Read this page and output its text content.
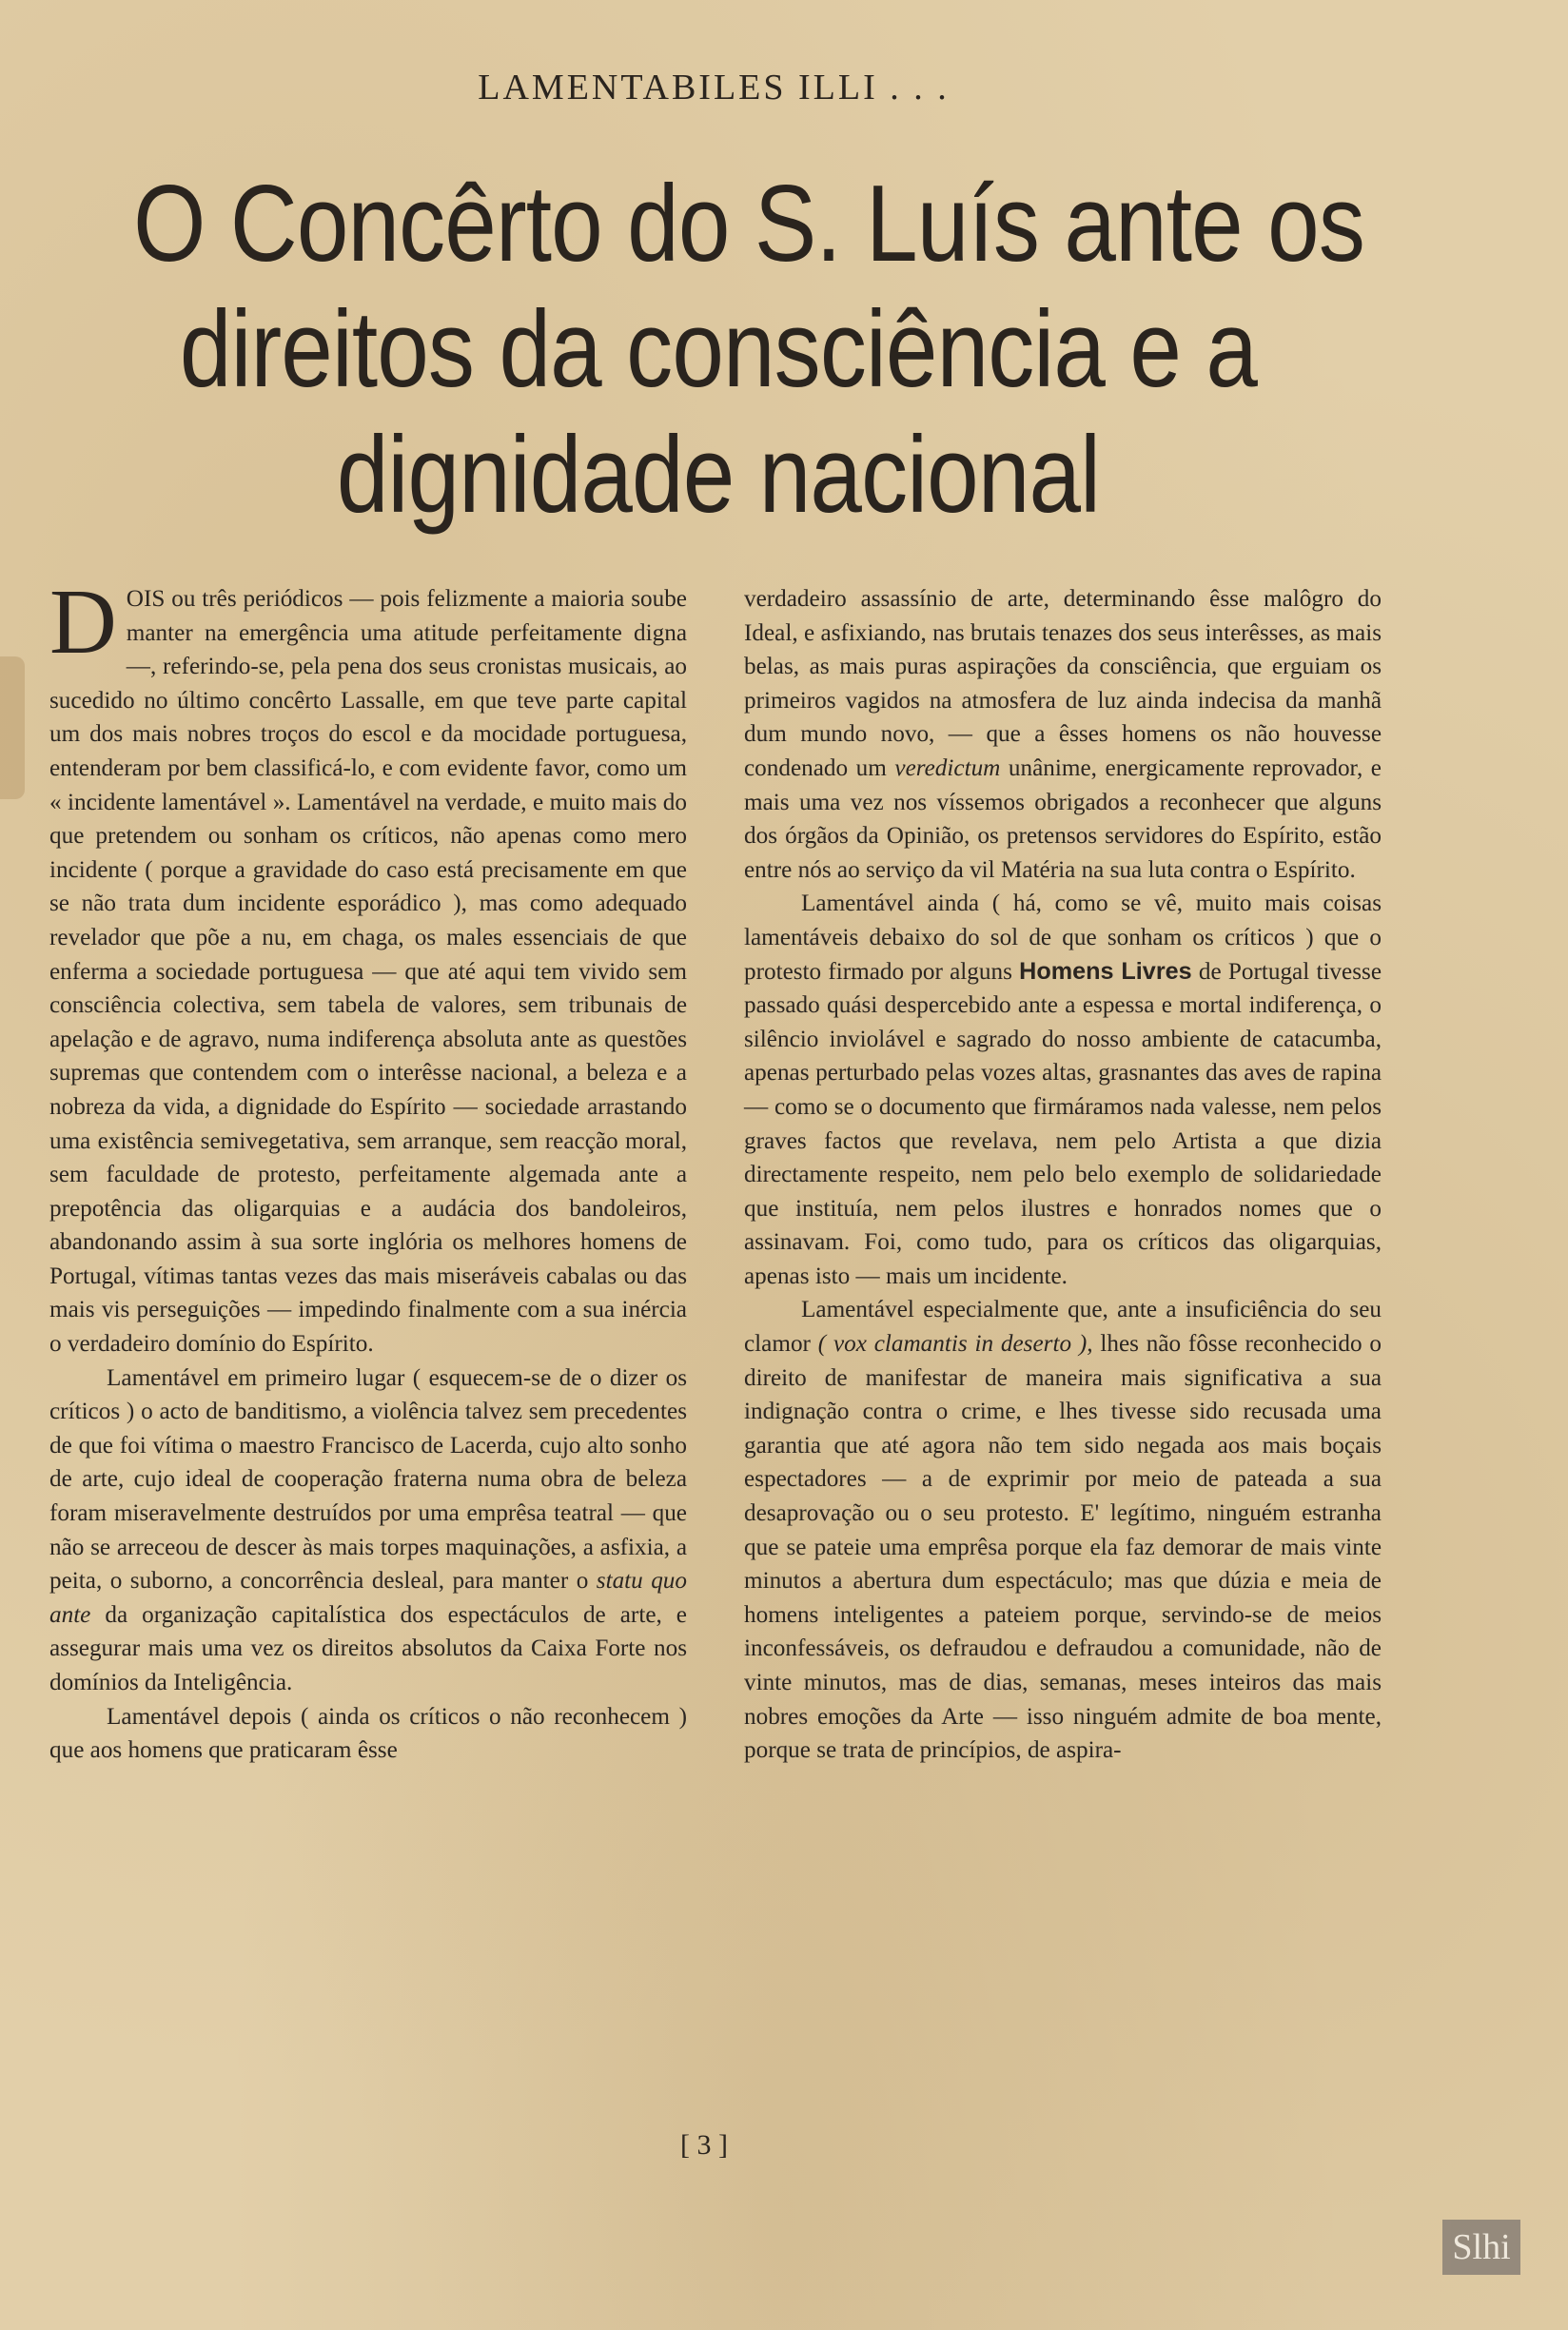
LAMENTABILES ILLI . . .
O Concêrto do S. Luís ante os
direitos da consciência e a
dignidade nacional

DOIS ou três periódicos — pois felizmente a maioria soube manter na emergência uma atitude perfeitamente digna —, referindo-se, pela pena dos seus cronistas musicais, ao sucedido no último concêrto Lassalle, em que teve parte capital um dos mais nobres troços do escol e da mocidade portuguesa, entenderam por bem classificá-lo, e com evidente favor, como um « incidente lamentável ». Lamentável na verdade, e muito mais do que pretendem ou sonham os críticos, não apenas como mero incidente ( porque a gravidade do caso está precisamente em que se não trata dum incidente esporádico ), mas como adequado revelador que põe a nu, em chaga, os males essenciais de que enferma a sociedade portuguesa — que até aqui tem vivido sem consciência colectiva, sem tabela de valores, sem tribunais de apelação e de agravo, numa indiferença absoluta ante as questões supremas que contendem com o interêsse nacional, a beleza e a nobreza da vida, a dignidade do Espírito — sociedade arrastando uma existência semivegetativa, sem arranque, sem reacção moral, sem faculdade de protesto, perfeitamente algemada ante a prepotência das oligarquias e a audácia dos bandoleiros, abandonando assim à sua sorte inglória os melhores homens de Portugal, vítimas tantas vezes das mais miseráveis cabalas ou das mais vis perseguições — impedindo finalmente com a sua inércia o verdadeiro domínio do Espírito.

Lamentável em primeiro lugar ( esquecem-se de o dizer os críticos ) o acto de banditismo, a violência talvez sem precedentes de que foi vítima o maestro Francisco de Lacerda, cujo alto sonho de arte, cujo ideal de cooperação fraterna numa obra de beleza foram miseravelmente destruídos por uma emprêsa teatral — que não se arreceou de descer às mais torpes maquinações, a asfixia, a peita, o suborno, a concorrência desleal, para manter o statu quo ante da organização capitalística dos espectáculos de arte, e assegurar mais uma vez os direitos absolutos da Caixa Forte nos domínios da Inteligência.

Lamentável depois ( ainda os críticos o não reconhecem ) que aos homens que praticaram êsse

verdadeiro assassínio de arte, determinando êsse malôgro do Ideal, e asfixiando, nas brutais tenazes dos seus interêsses, as mais belas, as mais puras aspirações da consciência, que erguiam os primeiros vagidos na atmosfera de luz ainda indecisa da manhã dum mundo novo, — que a êsses homens os não houvesse condenado um veredictum unânime, energicamente reprovador, e mais uma vez nos víssemos obrigados a reconhecer que alguns dos órgãos da Opinião, os pretensos servidores do Espírito, estão entre nós ao serviço da vil Matéria na sua luta contra o Espírito.

Lamentável ainda ( há, como se vê, muito mais coisas lamentáveis debaixo do sol de que sonham os críticos ) que o protesto firmado por alguns Homens Livres de Portugal tivesse passado quási despercebido ante a espessa e mortal indiferença, o silêncio inviolável e sagrado do nosso ambiente de catacumba, apenas perturbado pelas vozes altas, grasnantes das aves de rapina — como se o documento que firmáramos nada valesse, nem pelos graves factos que revelava, nem pelo Artista a que dizia directamente respeito, nem pelo belo exemplo de solidariedade que instituía, nem pelos ilustres e honrados nomes que o assinavam. Foi, como tudo, para os críticos das oligarquias, apenas isto — mais um incidente.

Lamentável especialmente que, ante a insuficiência do seu clamor ( vox clamantis in deserto ), lhes não fôsse reconhecido o direito de manifestar de maneira mais significativa a sua indignação contra o crime, e lhes tivesse sido recusada uma garantia que até agora não tem sido negada aos mais boçais espectadores — a de exprimir por meio de pateada a sua desaprovação ou o seu protesto. E' legítimo, ninguém estranha que se pateie uma emprêsa porque ela faz demorar de mais vinte minutos a abertura dum espectáculo; mas que dúzia e meia de homens inteligentes a pateiem porque, servindo-se de meios inconfessáveis, os defraudou e defraudou a comunidade, não de vinte minutos, mas de dias, semanas, meses inteiros das mais nobres emoções da Arte — isso ninguém admite de boa mente, porque se trata de princípios, de aspira-

[ 3 ]
Slhi
